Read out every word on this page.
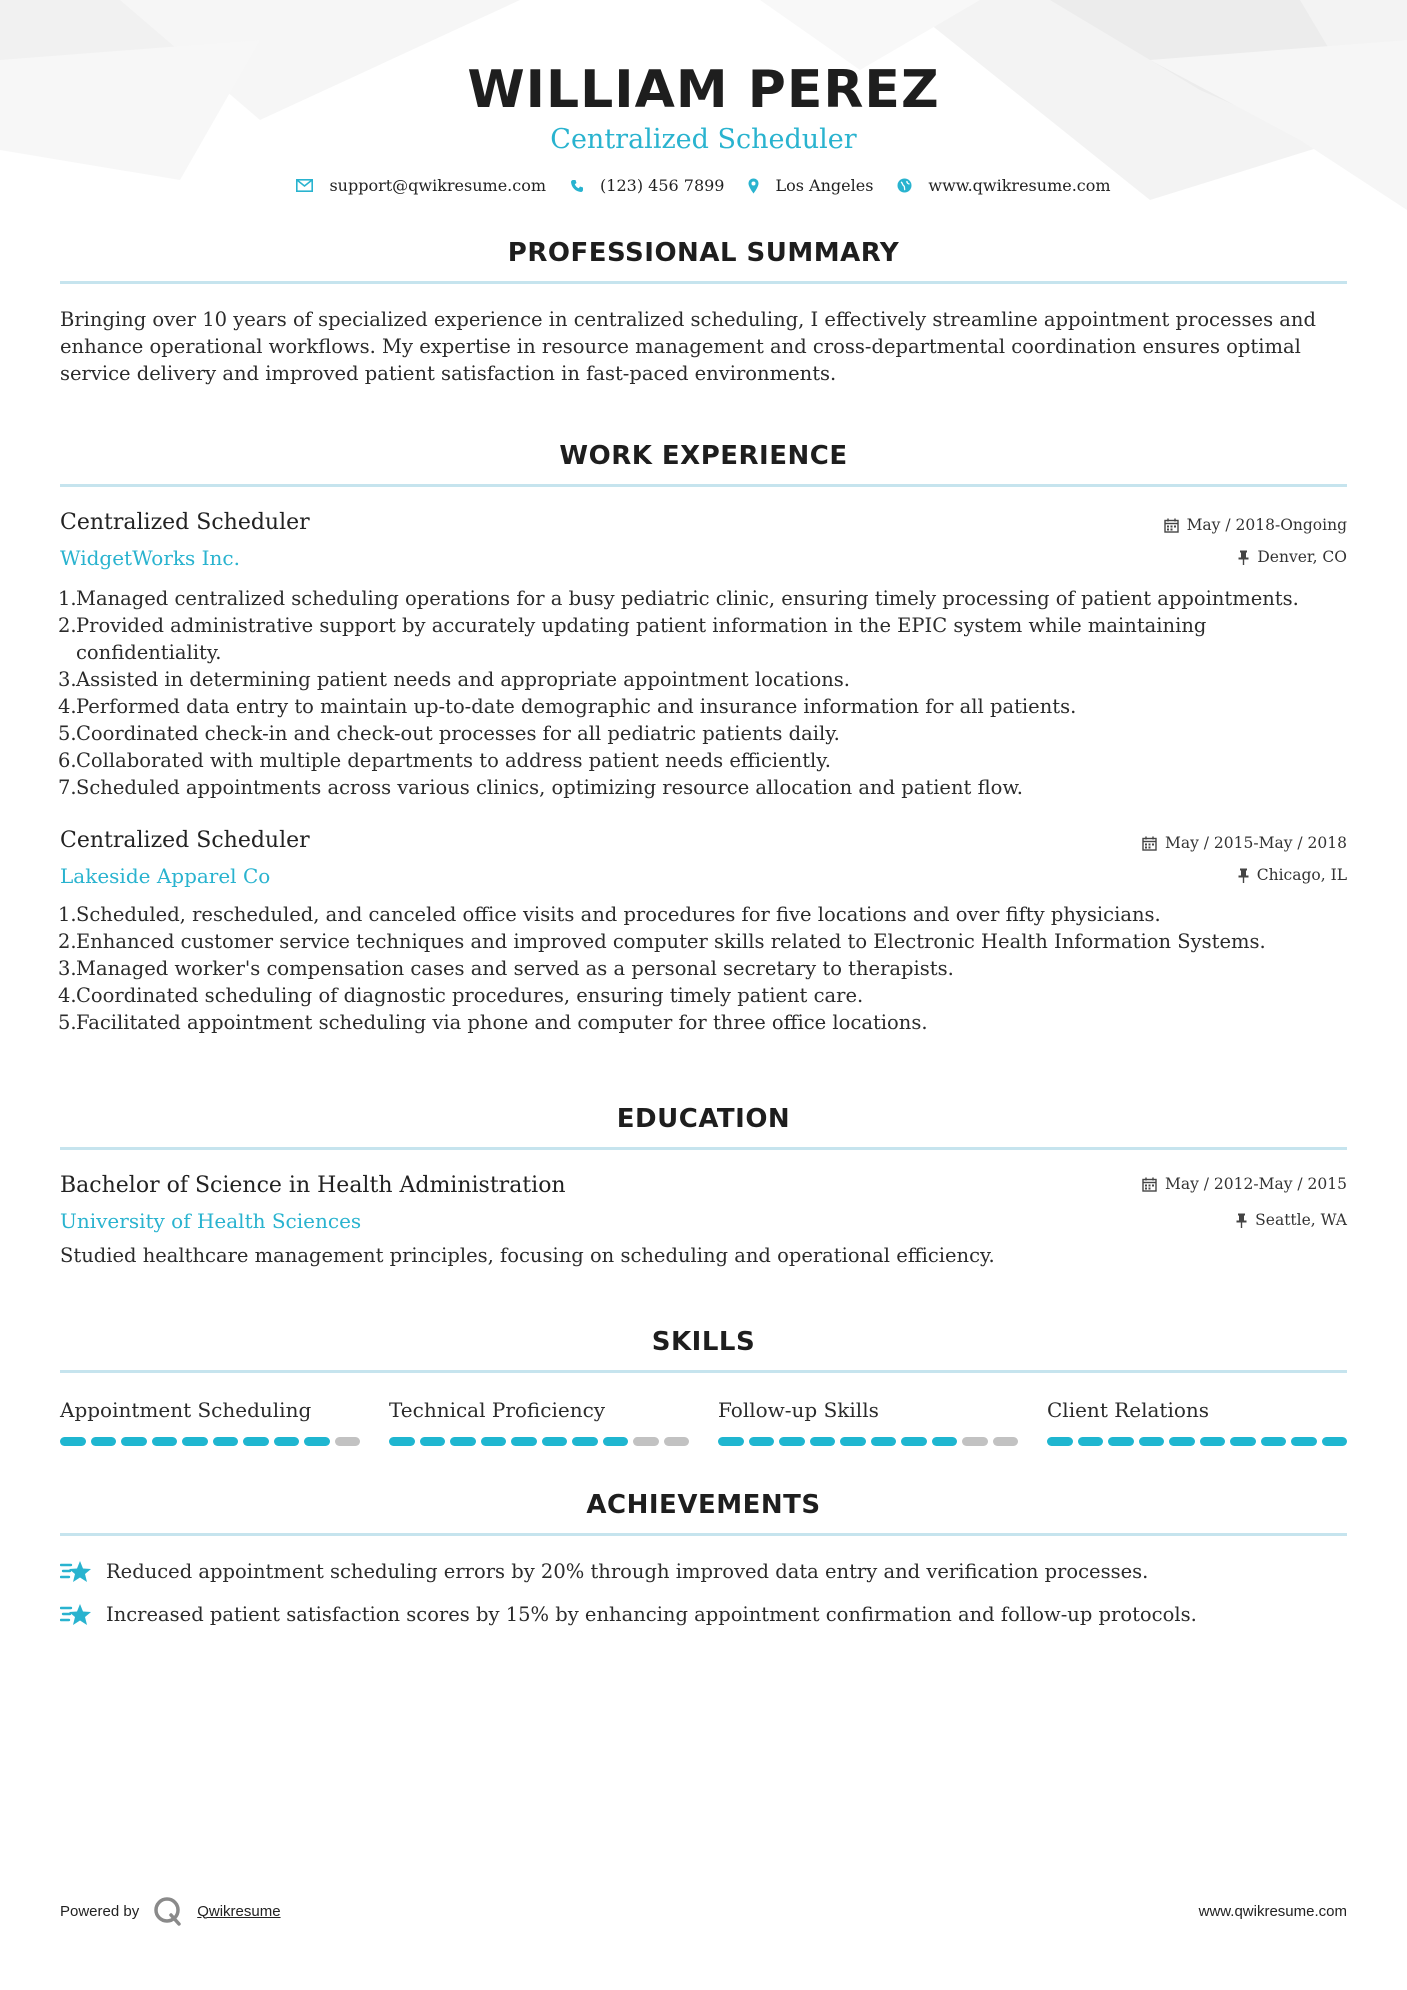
WILLIAM PEREZ
Centralized Scheduler
support@qwikresume.com	(123) 456 7899	Los Angeles	www.qwikresume.com
PROFESSIONAL SUMMARY

Bringing over 10 years of specialized experience in centralized scheduling, I effectively streamline appointment processes and enhance operational workflows. My expertise in resource management and cross-departmental coordination ensures optimal service delivery and improved patient satisfaction in fast-paced environments.

WORK EXPERIENCE
Centralized Scheduler
WidgetWorks Inc.
May / 2018-Ongoing
Denver, CO
1. Managed centralized scheduling operations for a busy pediatric clinic, ensuring timely processing of patient appointments.
2. Provided administrative support by accurately updating patient information in the EPIC system while maintaining confidentiality.
3. Assisted in determining patient needs and appropriate appointment locations.
4. Performed data entry to maintain up-to-date demographic and insurance information for all patients.
5. Coordinated check-in and check-out processes for all pediatric patients daily.
6. Collaborated with multiple departments to address patient needs efficiently.
7. Scheduled appointments across various clinics, optimizing resource allocation and patient flow.
Centralized Scheduler
Lakeside Apparel Co
May / 2015-May / 2018
Chicago, IL
1. Scheduled, rescheduled, and canceled office visits and procedures for five locations and over fifty physicians.
2. Enhanced customer service techniques and improved computer skills related to Electronic Health Information Systems.
3. Managed worker's compensation cases and served as a personal secretary to therapists.
4. Coordinated scheduling of diagnostic procedures, ensuring timely patient care.
5. Facilitated appointment scheduling via phone and computer for three office locations.
EDUCATION
Bachelor of Science in Health Administration
University of Health Sciences
May / 2012-May / 2015
Seattle, WA

Studied healthcare management principles, focusing on scheduling and operational efficiency.

SKILLS
Appointment Scheduling	Technical Proficiency	Follow-up Skills	Client Relations
ACHIEVEMENTS
Reduced appointment scheduling errors by 20% through improved data entry and verification processes.
Increased patient satisfaction scores by 15% by enhancing appointment confirmation and follow-up protocols.
Powered by	Qwikresume	www.qwikresume.com
